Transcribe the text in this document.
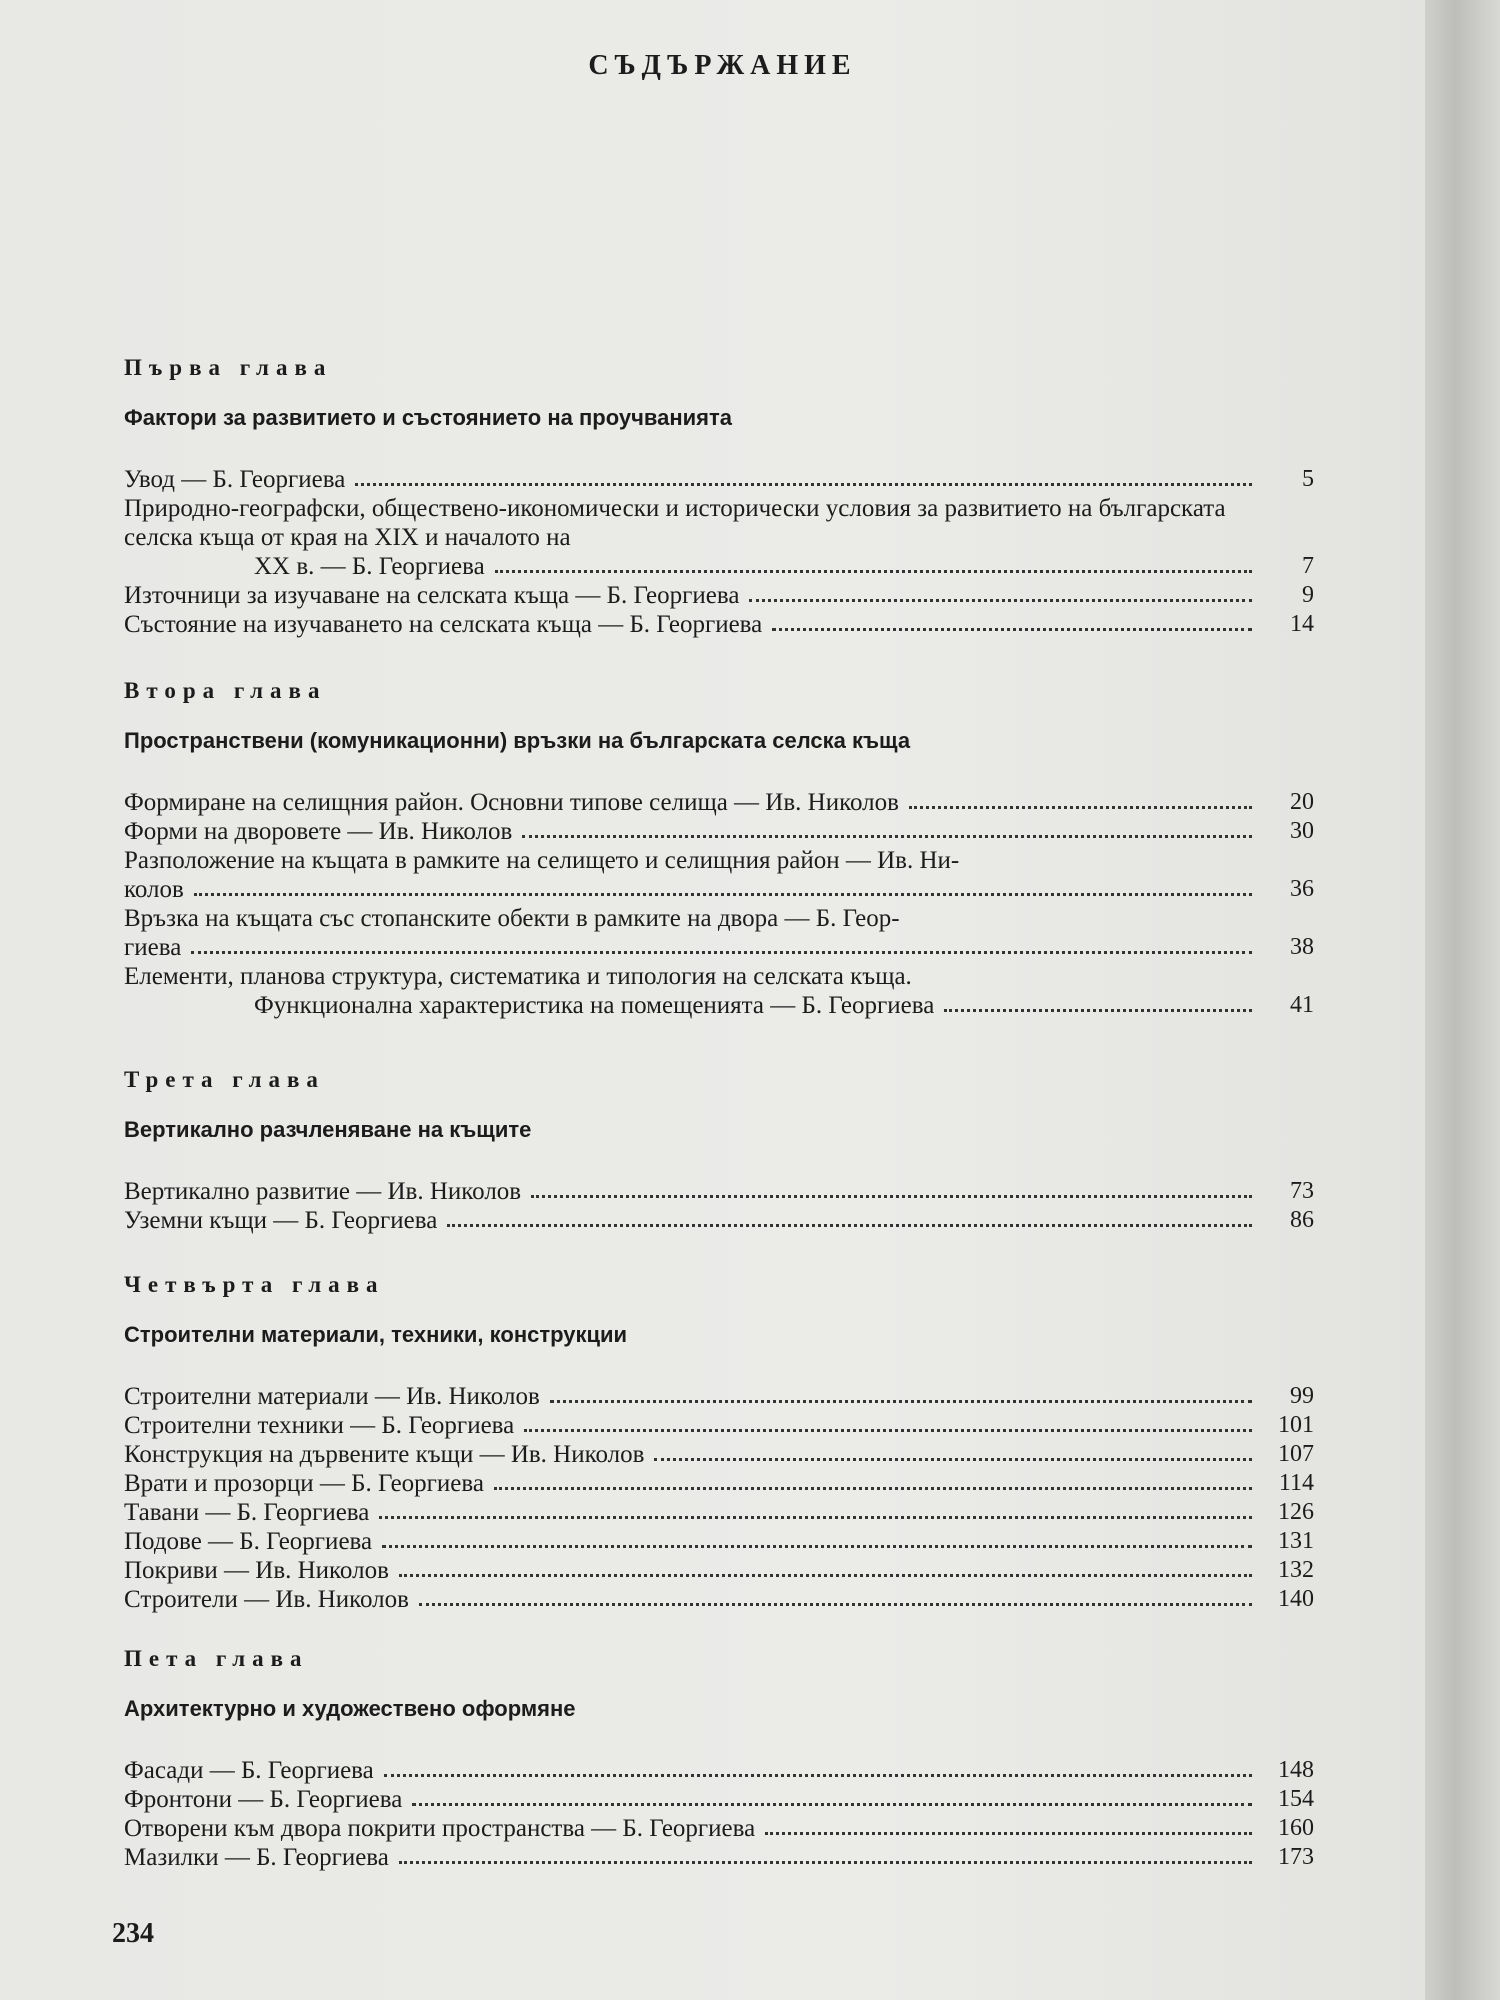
СЪДЪРЖАНИЕ

Първа глава

Фактори за развитието и състоянието на проучванията

Увод — Б. Георгиева	5
Природно-географски, обществено-икономически и исторически условия за развитието на българската селска къща от края на XIX и началото на
XX в. — Б. Георгиева	7
Източници за изучаване на селската къща — Б. Георгиева	9
Състояние на изучаването на селската къща — Б. Георгиева	14

Втора глава

Пространствени (комуникационни) връзки на българската селска къща

Формиране на селищния район. Основни типове селища — Ив. Николов	20
Форми на дворовете — Ив. Николов	30
Разположение на къщата в рамките на селището и селищния район — Ив. Ни-
колов	36
Връзка на къщата със стопанските обекти в рамките на двора — Б. Геор-
гиева	38
Елементи, планова структура, систематика и типология на селската къща.
Функционална характеристика на помещенията — Б. Георгиева	41

Трета глава

Вертикално разчленяване на къщите

Вертикално развитие — Ив. Николов	73
Уземни къщи — Б. Георгиева	86

Четвърта глава

Строителни материали, техники, конструкции

Строителни материали — Ив. Николов	99
Строителни техники — Б. Георгиева	101
Конструкция на дървените къщи — Ив. Николов	107
Врати и прозорци — Б. Георгиева	114
Тавани — Б. Георгиева	126
Подове — Б. Георгиева	131
Покриви — Ив. Николов	132
Строители — Ив. Николов	140

Пета глава

Архитектурно и художествено оформяне

Фасади — Б. Георгиева	148
Фронтони — Б. Георгиева	154
Отворени към двора покрити пространства — Б. Георгиева	160
Мазилки — Б. Георгиева	173
234
